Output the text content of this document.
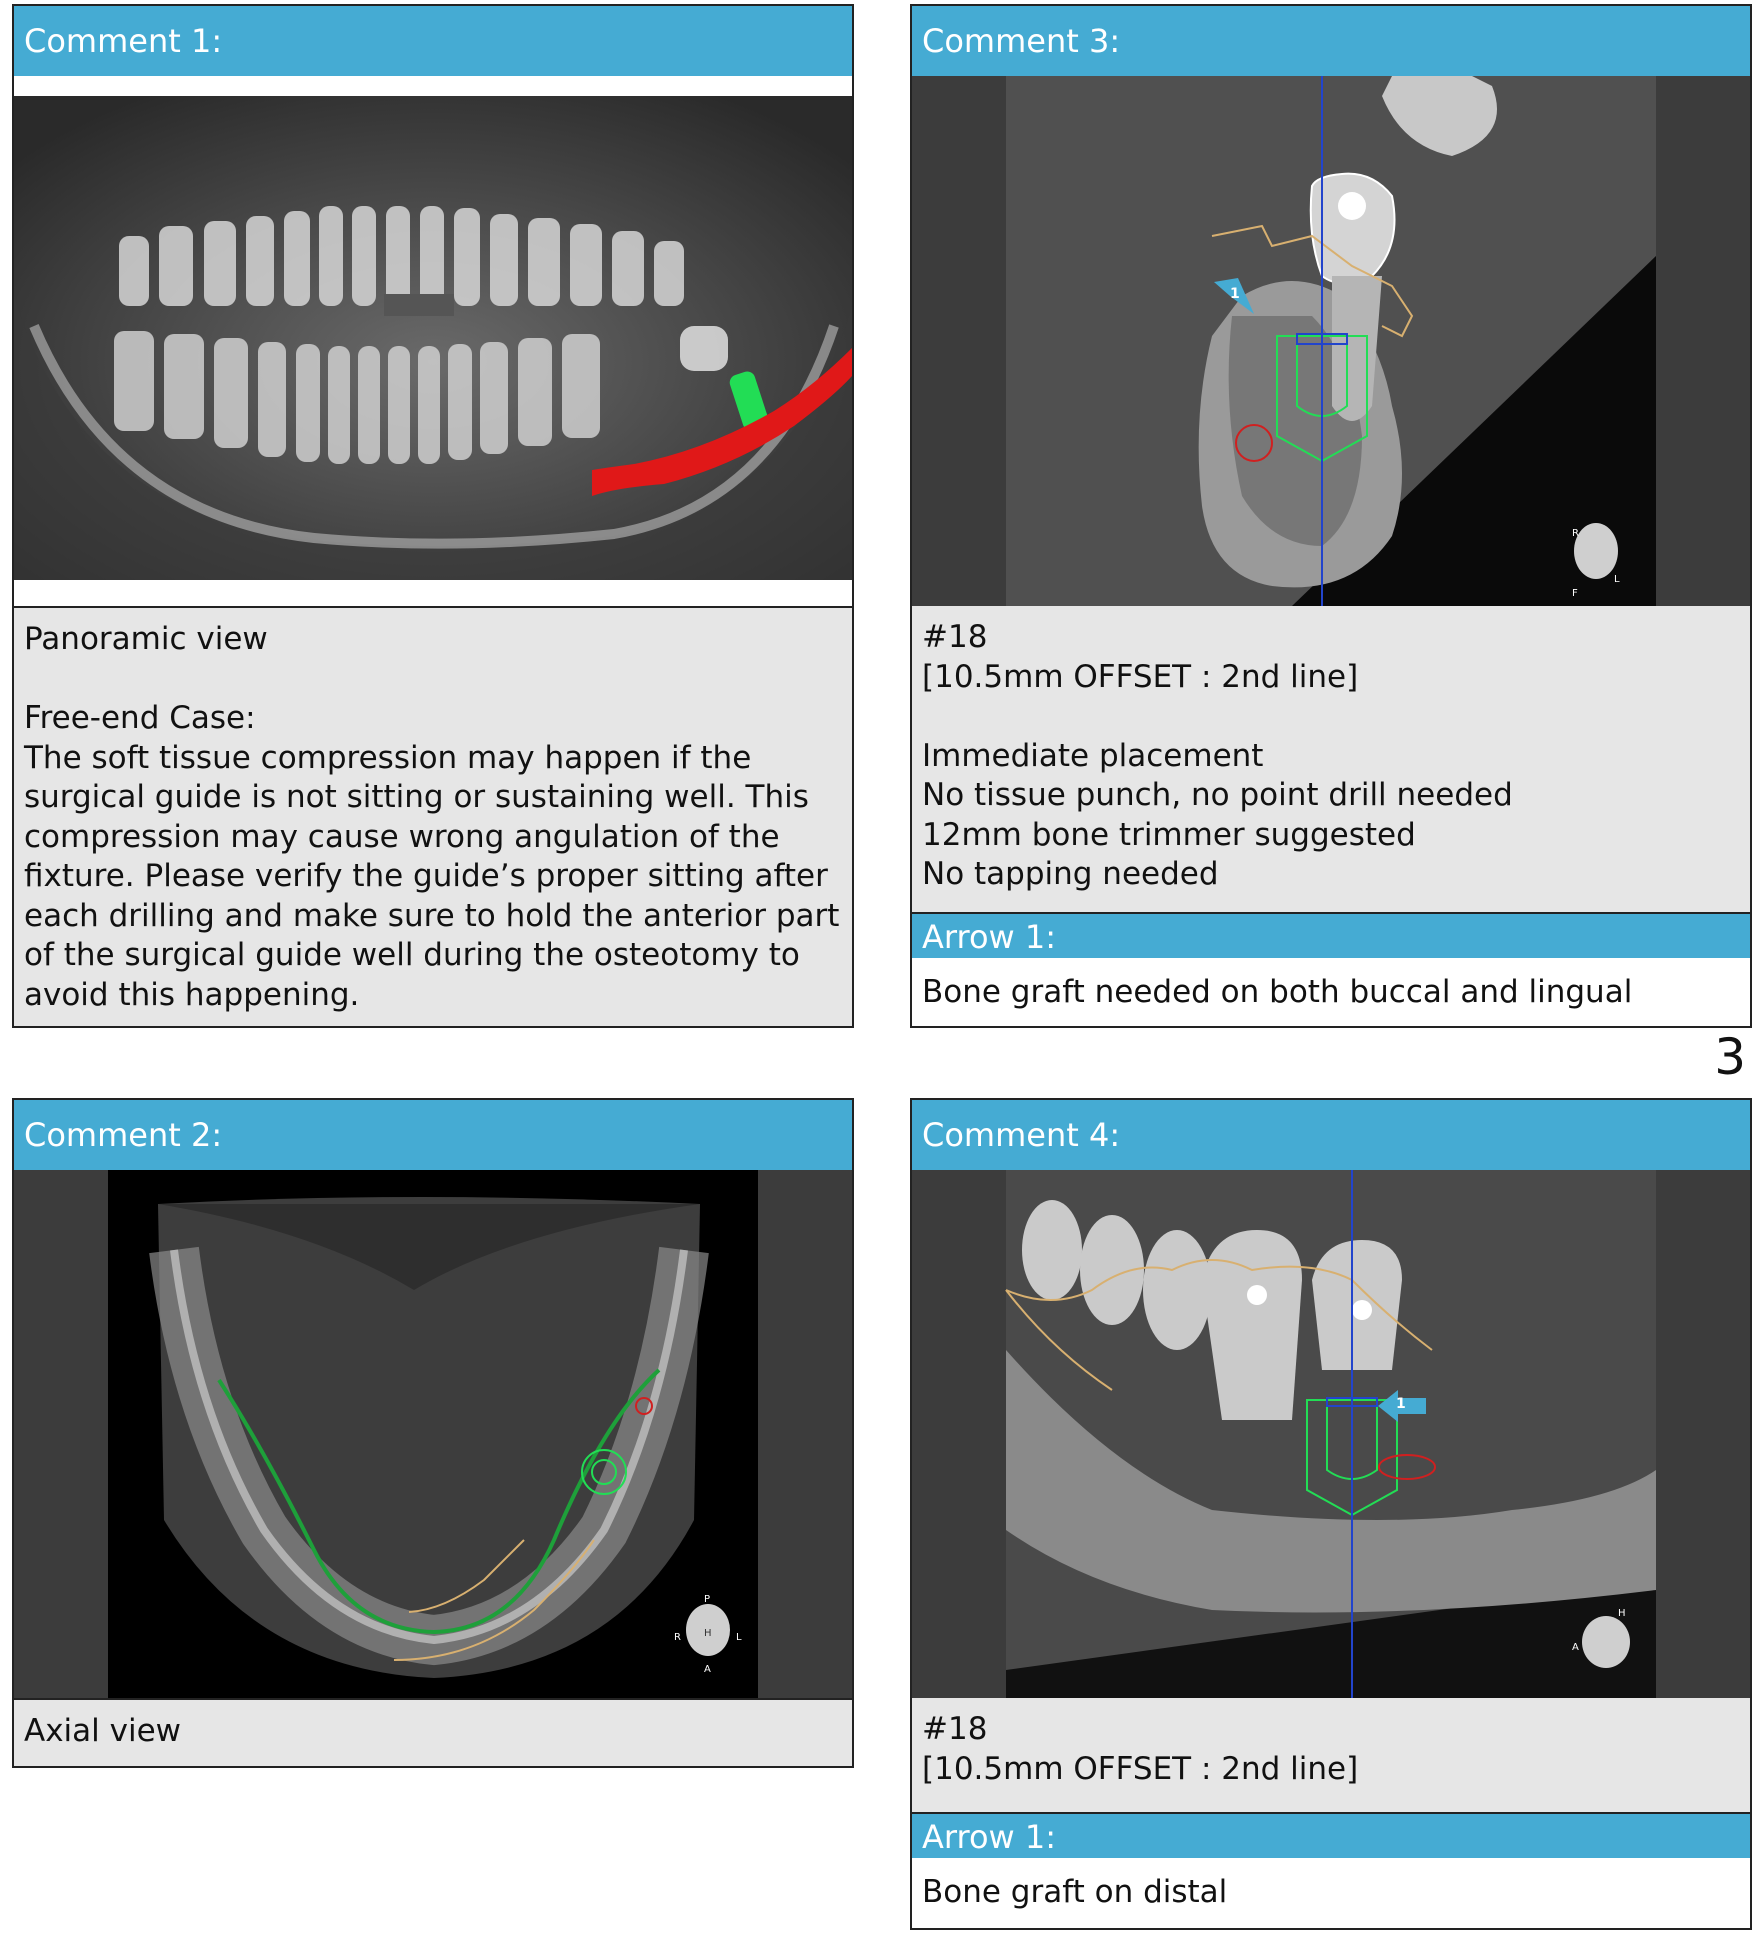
Comment 1:

Panoramic view

Free-end Case:
The soft tissue compression may happen if the surgical guide is not sitting or sustaining well. This compression may cause wrong angulation of the fixture. Please verify the guide’s proper sitting after each drilling and make sure to hold the anterior part of the surgical guide well during the osteotomy to avoid this happening.

Comment 3:
R
L
F
1

#18
[10.5mm OFFSET : 2nd line]

Immediate placement
No tissue punch, no point drill needed
12mm bone trimmer suggested
No tapping needed

Arrow 1:
Bone graft needed on both buccal and lingual
3
Comment 2:
P
R H L
A

Axial view

Comment 4:
A
H
1

#18
[10.5mm OFFSET : 2nd line]

Arrow 1:
Bone graft on distal
